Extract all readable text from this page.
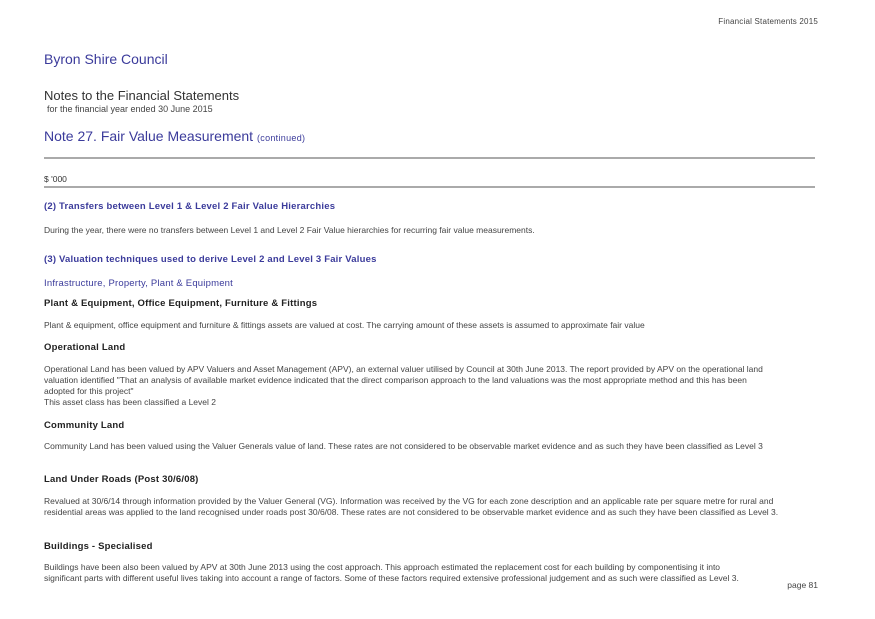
Financial Statements 2015
Byron Shire Council
Notes to the Financial Statements
for the financial year ended 30 June 2015
Note 27. Fair Value Measurement (continued)
$ '000
(2) Transfers between Level 1 & Level 2 Fair Value Hierarchies
During the year, there were no transfers between Level 1 and Level 2 Fair Value hierarchies for recurring fair value measurements.
(3) Valuation techniques used to derive Level 2 and Level 3 Fair Values
Infrastructure, Property, Plant & Equipment
Plant & Equipment, Office Equipment, Furniture & Fittings
Plant & equipment, office equipment and furniture & fittings assets are valued at cost. The carrying amount of these assets is assumed to approximate fair value
Operational Land
Operational Land has been valued by APV Valuers and Asset Management (APV), an external valuer utilised by Council at 30th June 2013. The report provided by APV on the operational land valuation identified "That an analysis of available market evidence indicated that the direct comparison approach to the land valuations was the most appropriate method and this has been adopted for this project"
This asset class has been classified a Level 2
Community Land
Community Land has been valued using the Valuer Generals value of land. These rates are not considered to be observable market evidence and as such they have been classified as Level 3
Land Under Roads (Post 30/6/08)
Revalued at 30/6/14 through information provided by the Valuer General (VG). Information was received by the VG for each zone description and an applicable rate per square metre for rural and residential areas was applied to the land recognised under roads post 30/6/08. These rates are not considered to be observable market evidence and as such they have been classified as Level 3.
Buildings - Specialised
Buildings have been also been valued by APV at 30th June 2013 using the cost approach. This approach estimated the replacement cost for each building by componentising it into significant parts with different useful lives taking into account a range of factors. Some of these factors required extensive professional judgement and as such were classified as Level 3.
page 81
